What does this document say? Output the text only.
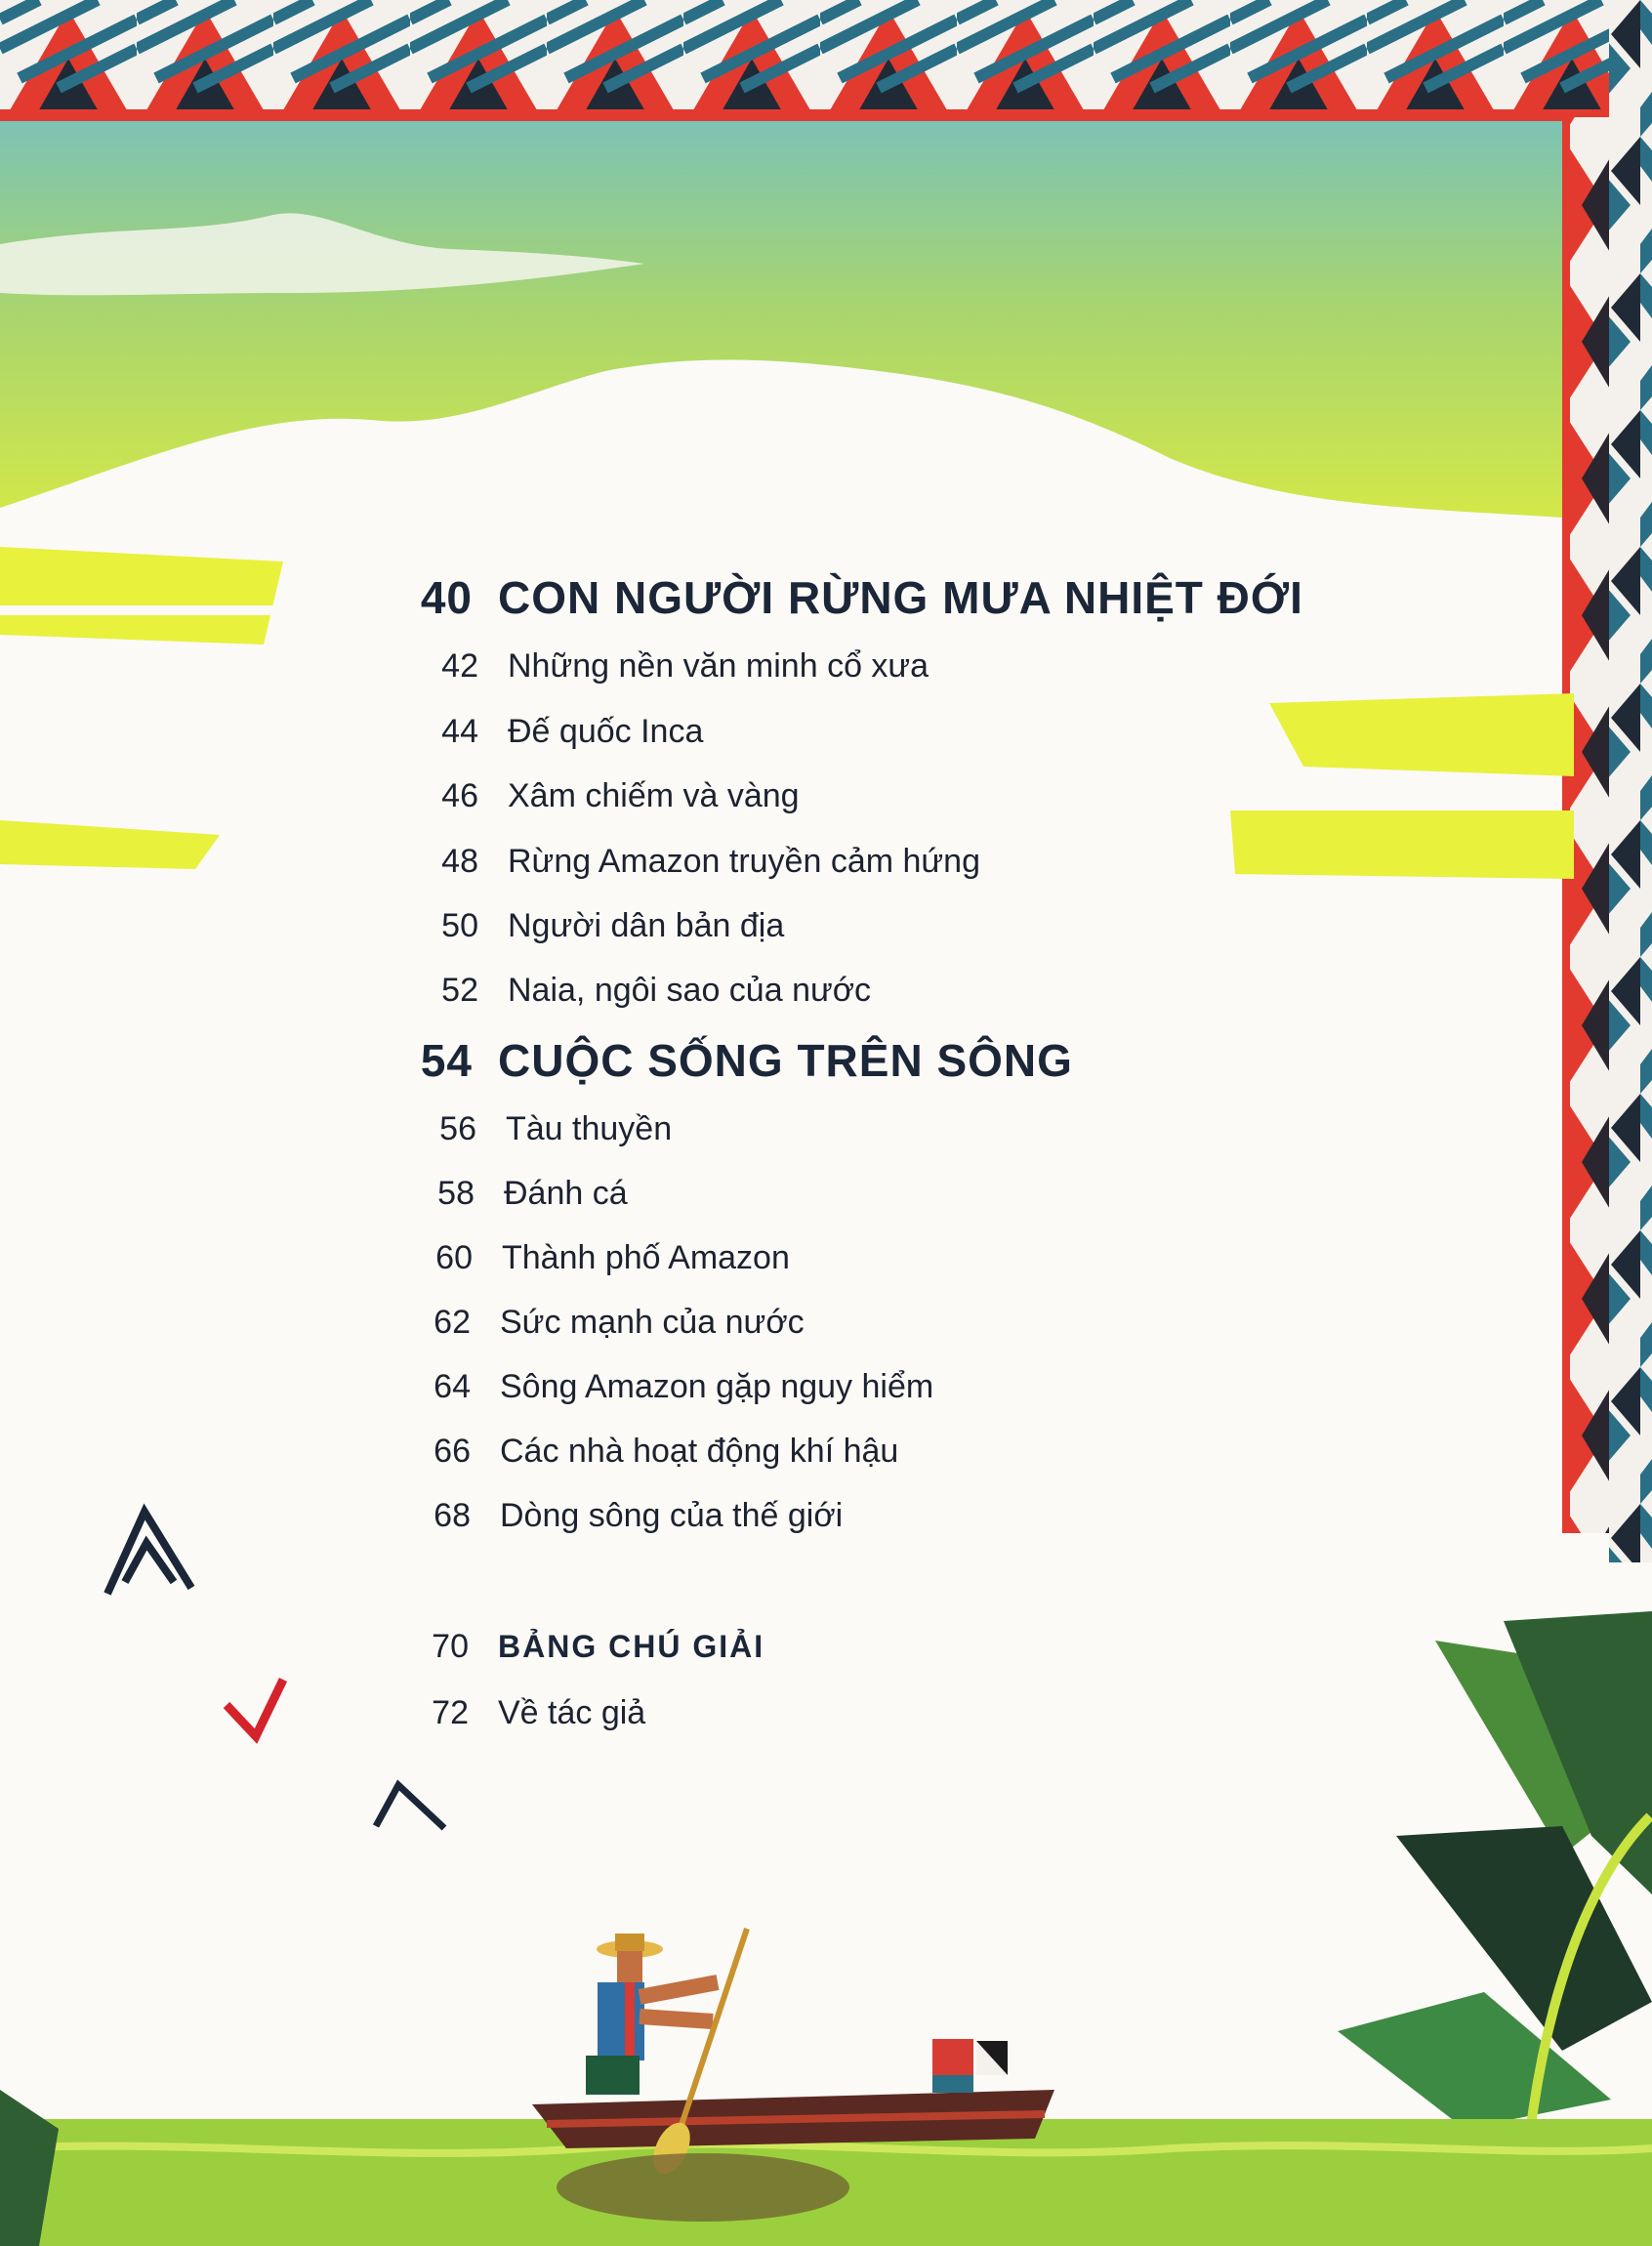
40 CON NGƯỜI RỪNG MƯA NHIỆT ĐỚI
42 Những nền văn minh cổ xưa
44 Đế quốc Inca
46 Xâm chiếm và vàng
48 Rừng Amazon truyền cảm hứng
50 Người dân bản địa
52 Naia, ngôi sao của nước
54 CUỘC SỐNG TRÊN SÔNG
56 Tàu thuyền
58 Đánh cá
60 Thành phố Amazon
62 Sức mạnh của nước
64 Sông Amazon gặp nguy hiểm
66 Các nhà hoạt động khí hậu
68 Dòng sông của thế giới
70 BẢNG CHÚ GIẢI
72 Về tác giả
